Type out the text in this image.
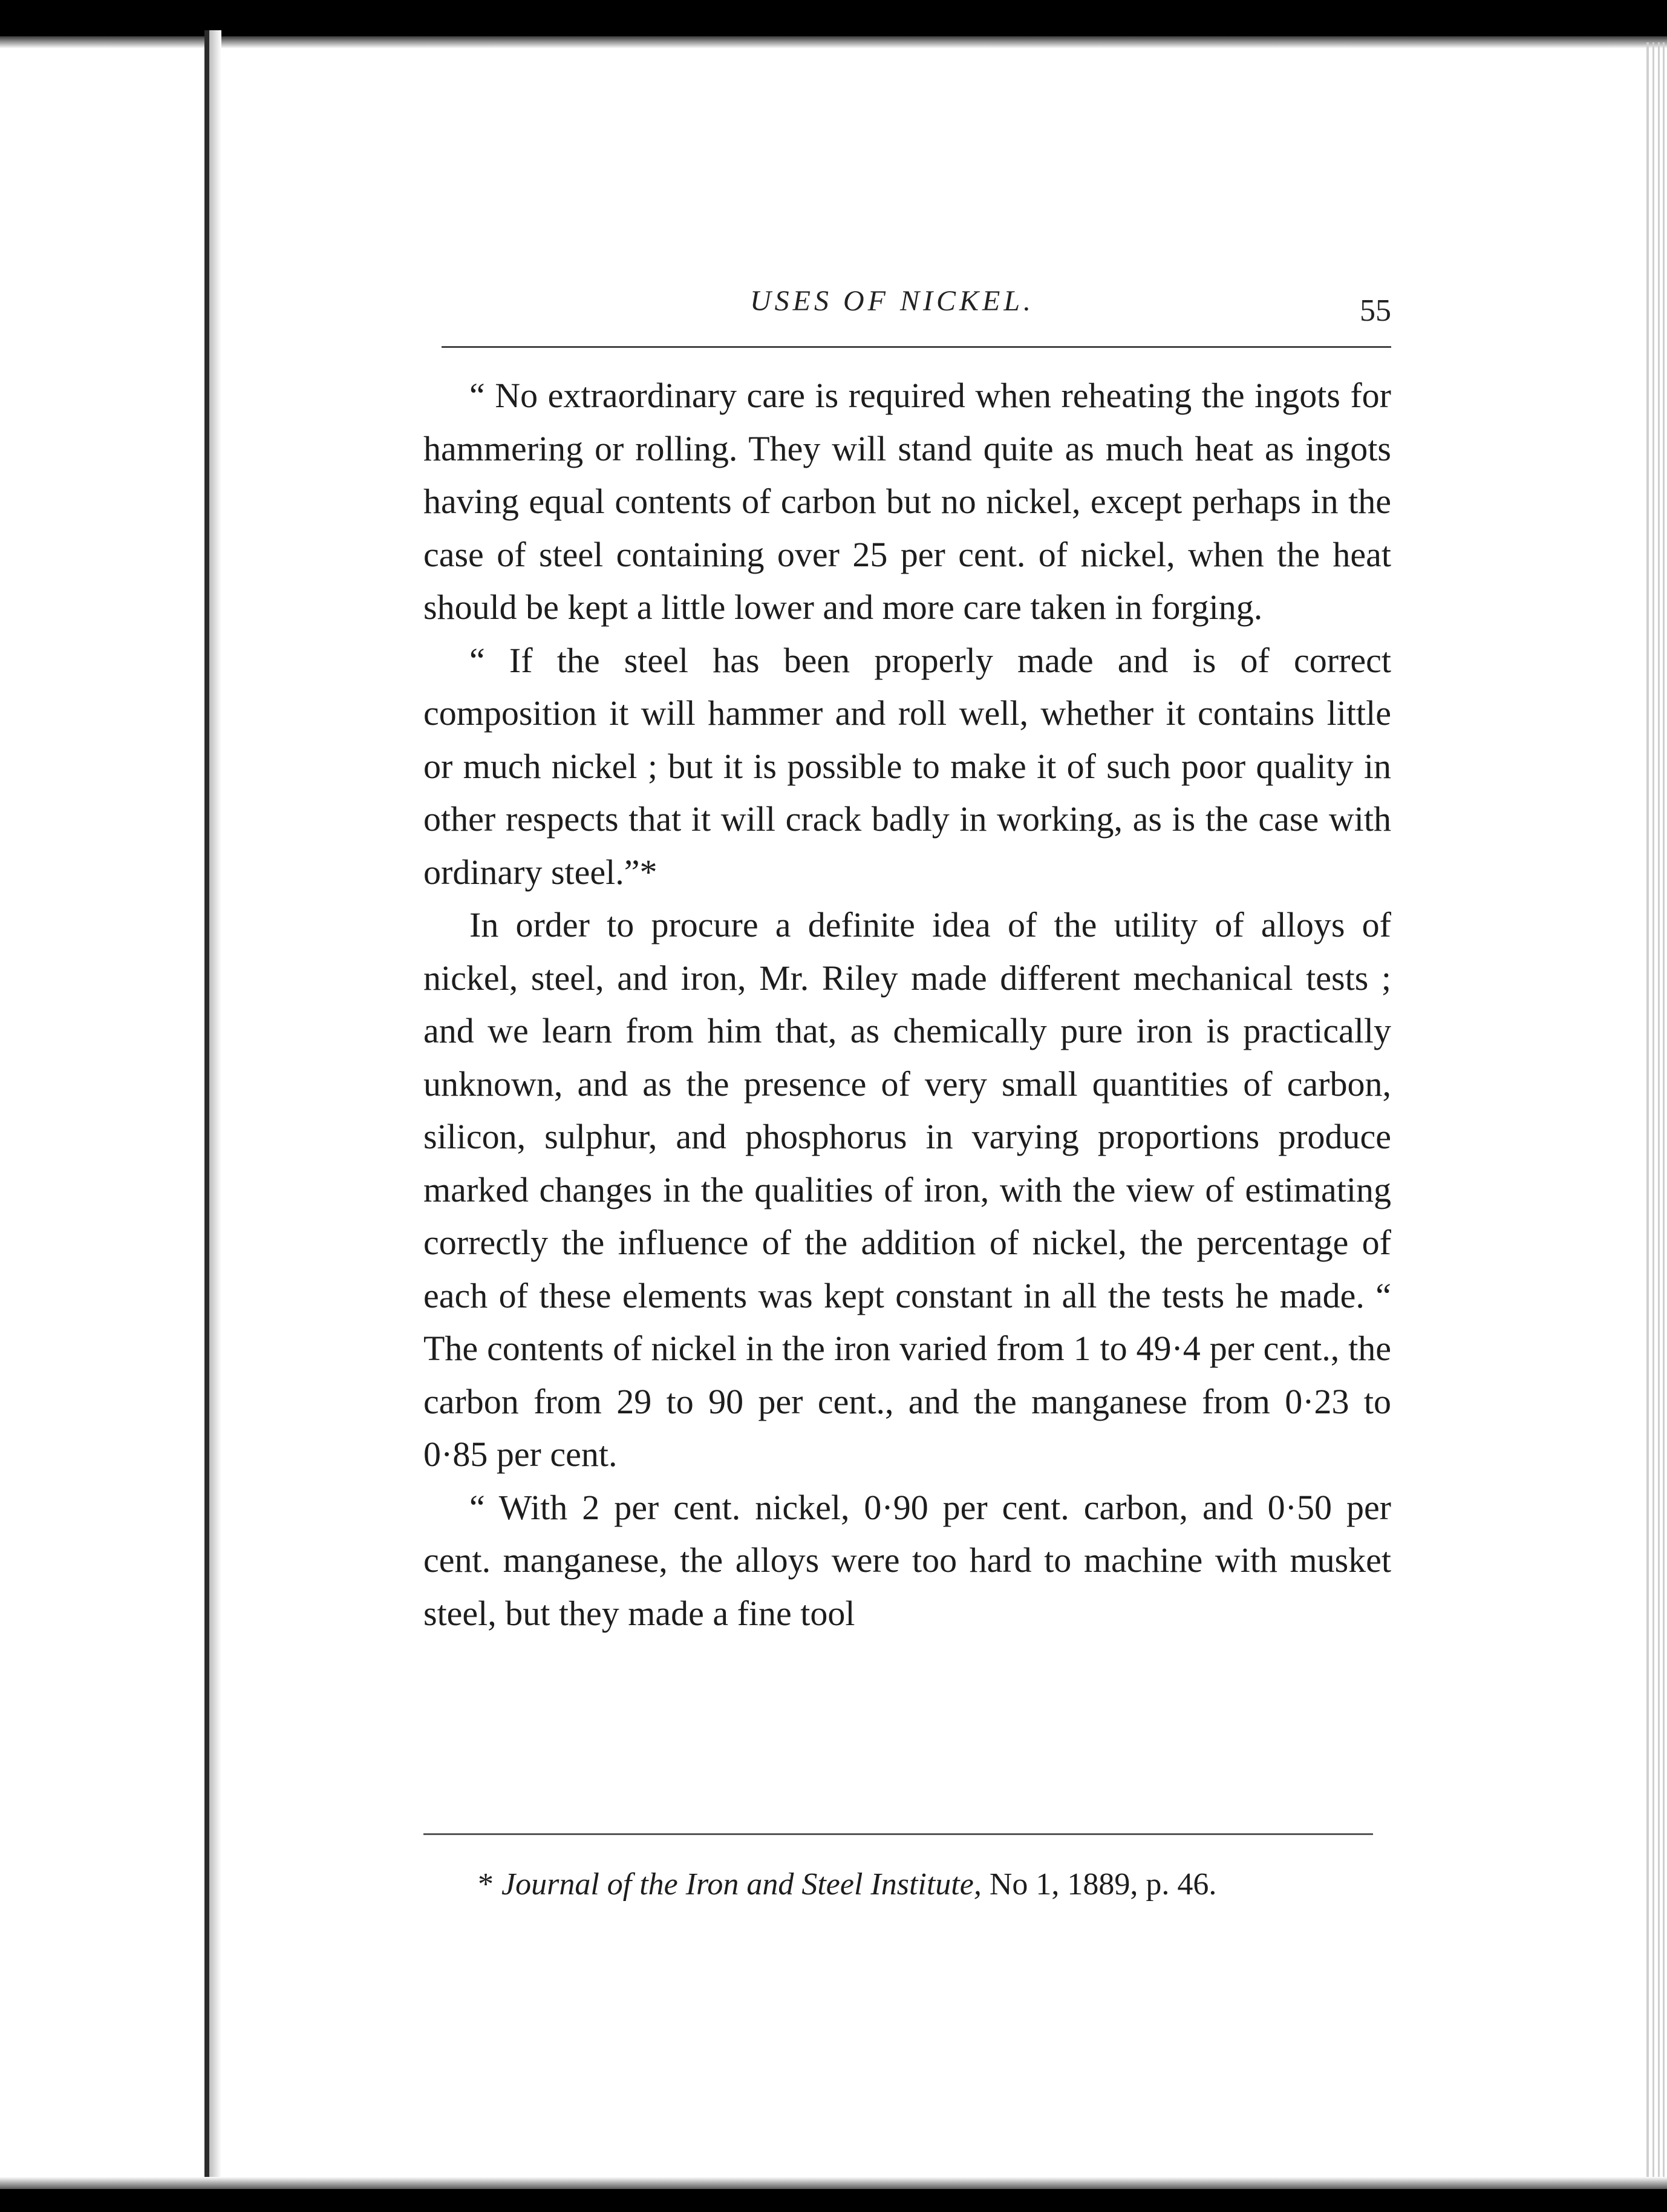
USES OF NICKEL.	55

“ No extraordinary care is required when reheating the ingots for hammering or rolling. They will stand quite as much heat as ingots having equal contents of carbon but no nickel, except perhaps in the case of steel containing over 25 per cent. of nickel, when the heat should be kept a little lower and more care taken in forging.

“ If the steel has been properly made and is of correct composition it will hammer and roll well, whether it contains little or much nickel ; but it is possible to make it of such poor quality in other respects that it will crack badly in working, as is the case with ordinary steel.”*

In order to procure a definite idea of the utility of alloys of nickel, steel, and iron, Mr. Riley made different mechanical tests ; and we learn from him that, as chemically pure iron is practically unknown, and as the presence of very small quantities of carbon, silicon, sulphur, and phosphorus in varying proportions produce marked changes in the qualities of iron, with the view of estimating correctly the influence of the addition of nickel, the percentage of each of these elements was kept constant in all the tests he made. “ The contents of nickel in the iron varied from 1 to 49·4 per cent., the carbon from 29 to 90 per cent., and the manganese from 0·23 to 0·85 per cent.

“ With 2 per cent. nickel, 0·90 per cent. carbon, and 0·50 per cent. manganese, the alloys were too hard to machine with musket steel, but they made a fine tool

* Journal of the Iron and Steel Institute, No 1, 1889, p. 46.
